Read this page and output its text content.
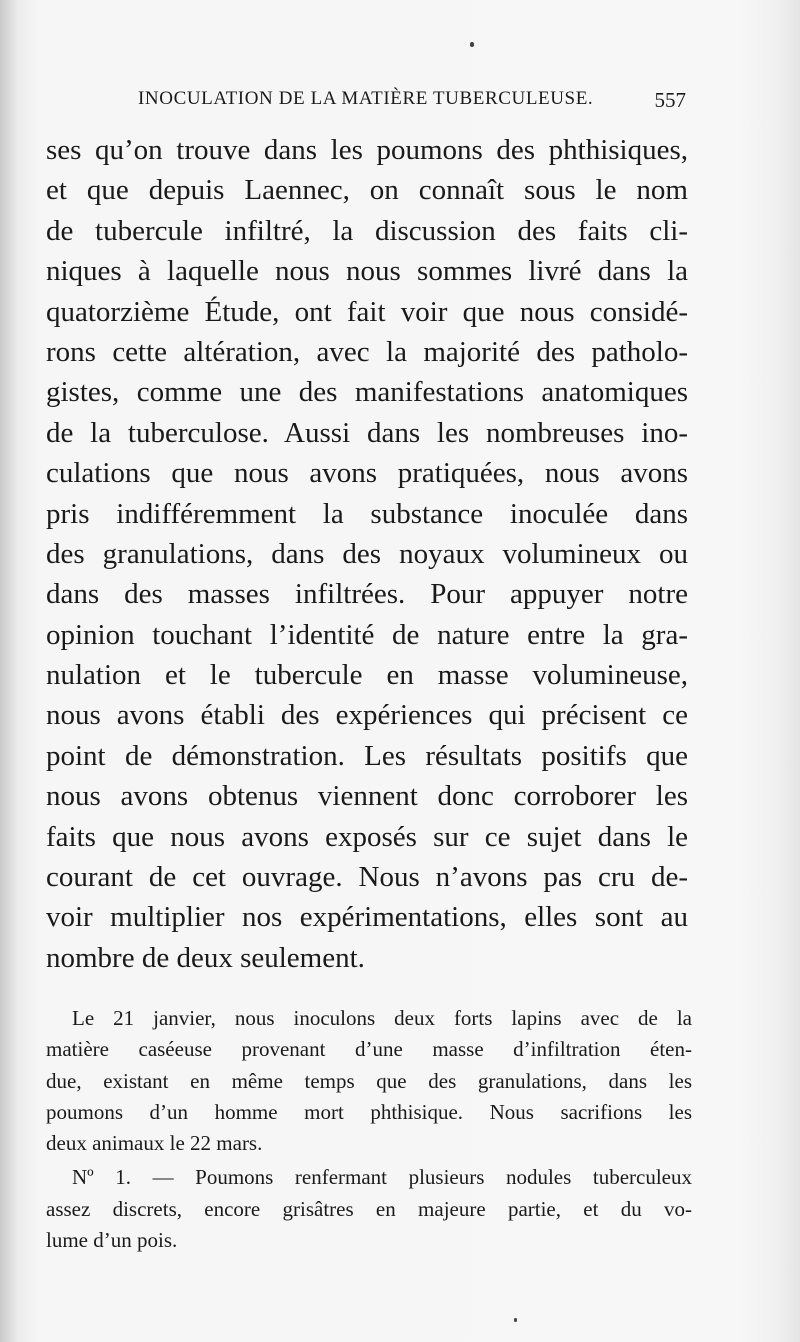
INOCULATION DE LA MATIÈRE TUBERCULEUSE.	557
ses qu’on trouve dans les poumons des phthisiques,
et que depuis Laennec, on connaît sous le nom
de tubercule infiltré, la discussion des faits cli-
niques à laquelle nous nous sommes livré dans la
quatorzième Étude, ont fait voir que nous considé-
rons cette altération, avec la majorité des patholo-
gistes, comme une des manifestations anatomiques
de la tuberculose. Aussi dans les nombreuses ino-
culations que nous avons pratiquées, nous avons
pris indifféremment la substance inoculée dans
des granulations, dans des noyaux volumineux ou
dans des masses infiltrées. Pour appuyer notre
opinion touchant l’identité de nature entre la gra-
nulation et le tubercule en masse volumineuse,
nous avons établi des expériences qui précisent ce
point de démonstration. Les résultats positifs que
nous avons obtenus viennent donc corroborer les
faits que nous avons exposés sur ce sujet dans le
courant de cet ouvrage. Nous n’avons pas cru de-
voir multiplier nos expérimentations, elles sont au
nombre de deux seulement.
Le 21 janvier, nous inoculons deux forts lapins avec de la
matière caséeuse provenant d’une masse d’infiltration éten-
due, existant en même temps que des granulations, dans les
poumons d’un homme mort phthisique. Nous sacrifions les
deux animaux le 22 mars.
Nº 1. — Poumons renfermant plusieurs nodules tuberculeux
assez discrets, encore grisâtres en majeure partie, et du vo-
lume d’un pois.
